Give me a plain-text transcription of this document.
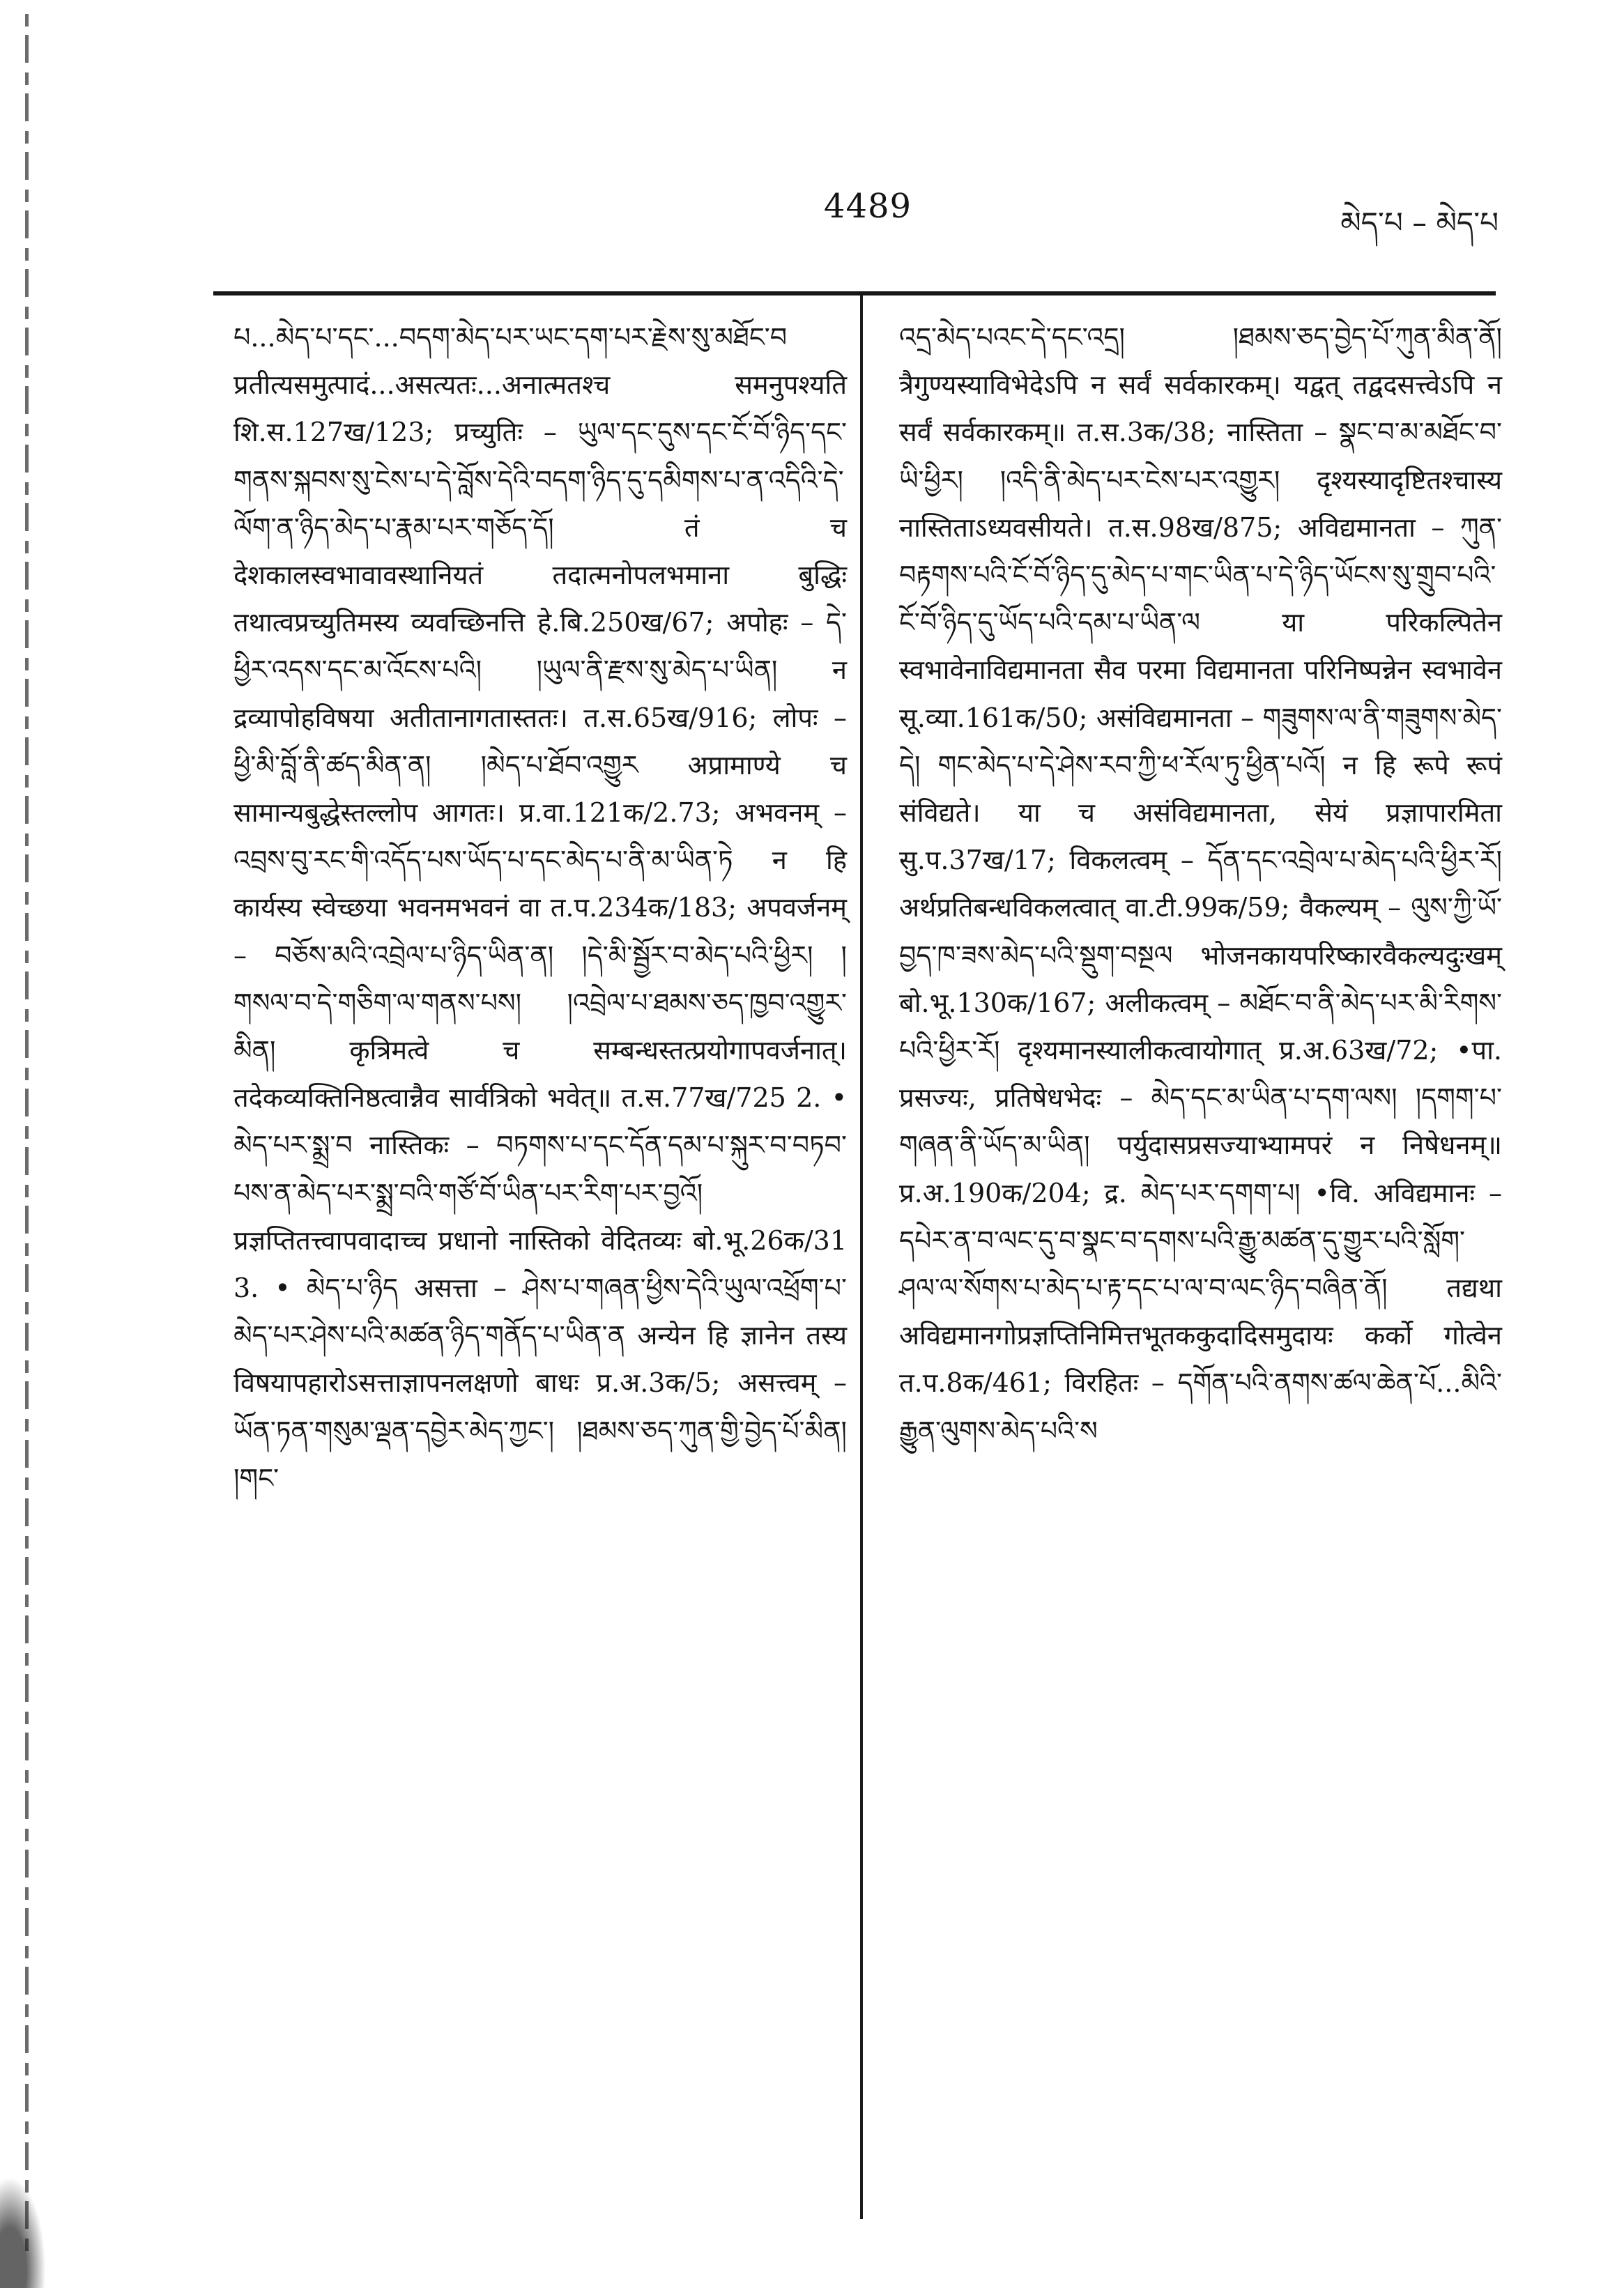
4489	མེད་པ – མེད་པ

པ...མེད་པ་དང་...བདག་མེད་པར་ཡང་དག་པར་རྗེས་སུ་མཐོང་བ प्रतीत्यसमुत्पादं...असत्यतः...अनात्मतश्च समनुपश्यति शि.स.127ख/123; प्रच्युतिः – ཡུལ་དང་དུས་དང་ངོ་བོ་ཉིད་དང་གནས་སྐབས་སུ་ངེས་པ་དེ་བློས་དེའི་བདག་ཉིད་དུ་དམིགས་པ་ན་འདིའི་དེ་ལོག་ན་ཉིད་མེད་པ་རྣམ་པར་གཅོད་དོ། तं च देशकालस्वभावावस्थानियतं तदात्मनोपलभमाना बुद्धिः तथात्वप्रच्युतिमस्य व्यवच्छिनत्ति हे.बि.250ख/67; अपोहः – དེ་ཕྱིར་འདས་དང་མ་འོངས་པའི། །ཡུལ་ནི་རྫས་སུ་མེད་པ་ཡིན། न द्रव्यापोहविषया अतीतानागतास्ततः। त.स.65ख/916; लोपः – ཕྱི་མི་བློ་ནི་ཚད་མིན་ན། །མེད་པ་ཐོབ་འགྱུར अप्रामाण्ये च सामान्यबुद्धेस्तल्लोप आगतः। प्र.वा.121क/2.73; अभवनम् – འབྲས་བུ་རང་གི་འདོད་པས་ཡོད་པ་དང་མེད་པ་ནི་མ་ཡིན་ཏེ न हि कार्यस्य स्वेच्छया भवनमभवनं वा त.प.234क/183; अपवर्जनम् – བཅོས་མའི་འབྲེལ་པ་ཉིད་ཡིན་ན། །དེ་མི་སྦྱོར་བ་མེད་པའི་ཕྱིར། །གསལ་བ་དེ་གཅིག་ལ་གནས་པས། །འབྲེལ་པ་ཐམས་ཅད་ཁྱབ་འགྱུར་མིན། कृत्रिमत्वे च सम्बन्धस्तत्प्रयोगापवर्जनात्। तदेकव्यक्तिनिष्ठत्वान्नैव सार्वत्रिको भवेत्॥ त.स.77ख/725 2. • མེད་པར་སྨྲ་བ नास्तिकः – བཏགས་པ་དང་དོན་དམ་པ་སྐུར་བ་བཏབ་པས་ན་མེད་པར་སྨྲ་བའི་གཙོ་བོ་ཡིན་པར་རིག་པར་བྱའོ། प्रज्ञप्तितत्त्वापवादाच्च प्रधानो नास्तिको वेदितव्यः बो.भू.26क/31 3. • མེད་པ་ཉིད असत्ता – ཤེས་པ་གཞན་ཕྱིས་དེའི་ཡུལ་འཕྲོག་པ་མེད་པར་ཤེས་པའི་མཚན་ཉིད་གནོད་པ་ཡིན་ན अन्येन हि ज्ञानेन तस्य विषयापहारोऽसत्ताज्ञापनलक्षणो बाधः प्र.अ.3क/5; असत्त्वम् – ཡོན་ཏན་གསུམ་ལྡན་དབྱེར་མེད་ཀྱང་། །ཐམས་ཅད་ཀུན་གྱི་བྱེད་པོ་མིན། །གང་

འདྲ་མེད་པའང་དེ་དང་འདྲ། །ཐམས་ཅད་བྱེད་པོ་ཀུན་མིན་ནོ། त्रैगुण्यस्याविभेदेऽपि न सर्वं सर्वकारकम्। यद्वत् तद्वदसत्त्वेऽपि न सर्वं सर्वकारकम्॥ त.स.3क/38; नास्तिता – སྣང་བ་མ་མཐོང་བ་ཡི་ཕྱིར། །འདི་ནི་མེད་པར་ངེས་པར་འགྱུར། दृश्यस्यादृष्टितश्चास्य नास्तिताऽध्यवसीयते। त.स.98ख/875; अविद्यमानता – ཀུན་བརྟགས་པའི་ངོ་བོ་ཉིད་དུ་མེད་པ་གང་ཡིན་པ་དེ་ཉིད་ཡོངས་སུ་གྲུབ་པའི་ངོ་བོ་ཉིད་དུ་ཡོད་པའི་དམ་པ་ཡིན་ལ या परिकल्पितेन स्वभावेनाविद्यमानता सैव परमा विद्यमानता परिनिष्पन्नेन स्वभावेन सू.व्या.161क/50; असंविद्यमानता – གཟུགས་ལ་ནི་གཟུགས་མེད་དེ། གང་མེད་པ་དེ་ཤེས་རབ་ཀྱི་ཕ་རོལ་ཏུ་ཕྱིན་པའོ། न हि रूपे रूपं संविद्यते। या च असंविद्यमानता, सेयं प्रज्ञापारमिता सु.प.37ख/17; विकलत्वम् – དོན་དང་འབྲེལ་པ་མེད་པའི་ཕྱིར་རོ། अर्थप्रतिबन्धविकलत्वात् वा.टी.99क/59; वैकल्यम् – ལུས་ཀྱི་ཡོ་བྱད་ཁ་ཟས་མེད་པའི་སྡུག་བསྔལ भोजनकायपरिष्कारवैकल्यदुःखम् बो.भू.130क/167; अलीकत्वम् – མཐོང་བ་ནི་མེད་པར་མི་རིགས་པའི་ཕྱིར་རོ། दृश्यमानस्यालीकत्वायोगात् प्र.अ.63ख/72; •पा. प्रसज्यः, प्रतिषेधभेदः – མེད་དང་མ་ཡིན་པ་དག་ལས། །དགག་པ་གཞན་ནི་ཡོད་མ་ཡིན། पर्युदासप्रसज्याभ्यामपरं न निषेधनम्॥ प्र.अ.190क/204; द्र. མེད་པར་དགག་པ། •वि. अविद्यमानः – དཔེར་ན་བ་ལང་དུ་བ་སྣང་བ་དགས་པའི་རྒྱུ་མཚན་དུ་གྱུར་པའི་སློག་ཤལ་ལ་སོགས་པ་མེད་པ་རྟ་དང་པ་ལ་བ་ལང་ཉིད་བཞིན་ནོ། तद्यथा अविद्यमानगोप्रज्ञप्तिनिमित्तभूतककुदादिसमुदायः कर्को गोत्वेन त.प.8क/461; विरहितः – དགོན་པའི་ནགས་ཚལ་ཆེན་པོ...མིའི་རྒྱུན་ལུགས་མེད་པའི་ས
